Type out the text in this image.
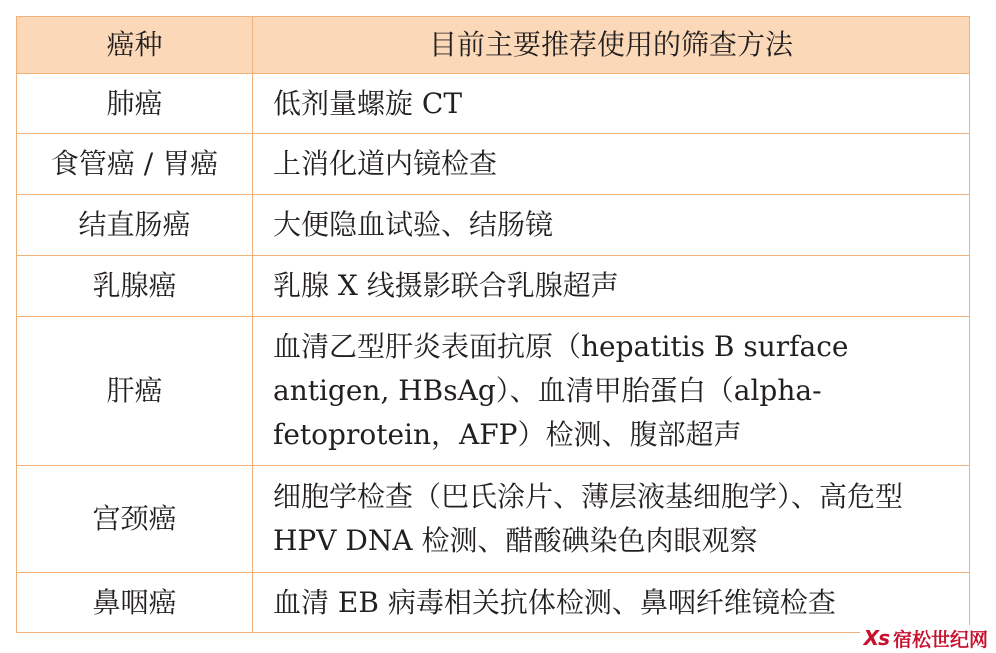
癌种	目前主要推荐使用的筛查方法
肺癌	低剂量螺旋 CT
食管癌 / 胃癌	上消化道内镜检查
结直肠癌	大便隐血试验、结肠镜
乳腺癌	乳腺 X 线摄影联合乳腺超声
肝癌	血清乙型肝炎表面抗原（hepatitis B surface antigen, HBsAg）、血清甲胎蛋白（alpha-fetoprotein，AFP）检测、腹部超声
宫颈癌	细胞学检查（巴氏涂片、薄层液基细胞学）、高危型 HPV DNA 检测、醋酸碘染色肉眼观察
鼻咽癌	血清 EB 病毒相关抗体检测、鼻咽纤维镜检查
Xs 宿松世纪网
